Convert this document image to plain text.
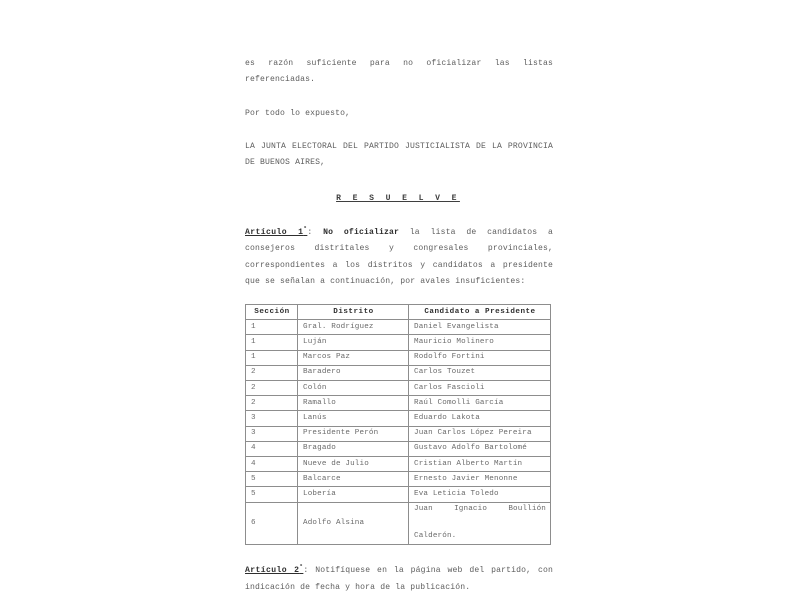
es razón suficiente para no oficializar las listas referenciadas.

Por todo lo expuesto,

LA JUNTA ELECTORAL DEL PARTIDO JUSTICIALISTA DE LA PROVINCIA DE BUENOS AIRES,

R E S U E L V E

Artículo 1°: No oficializar la lista de candidatos a consejeros distritales y congresales provinciales, correspondientes a los distritos y candidatos a presidente que se señalan a continuación, por avales insuficientes:

Sección	Distrito	Candidato a Presidente
1	Gral. Rodríguez	Daniel Evangelista
1	Luján	Mauricio Molinero
1	Marcos Paz	Rodolfo Fortini
2	Baradero	Carlos Touzet
2	Colón	Carlos Fascioli
2	Ramallo	Raúl Comolli García
3	Lanús	Eduardo Lakota
3	Presidente Perón	Juan Carlos López Pereira
4	Bragado	Gustavo Adolfo Bartolomé
4	Nueve de Julio	Cristian Alberto Martín
5	Balcarce	Ernesto Javier Menonne
5	Lobería	Eva Leticia Toledo
6	Adolfo Alsina	Juan Ignacio Boullión
Calderón.

Artículo 2°: Notifíquese en la página web del partido, con indicación de fecha y hora de la publicación.
